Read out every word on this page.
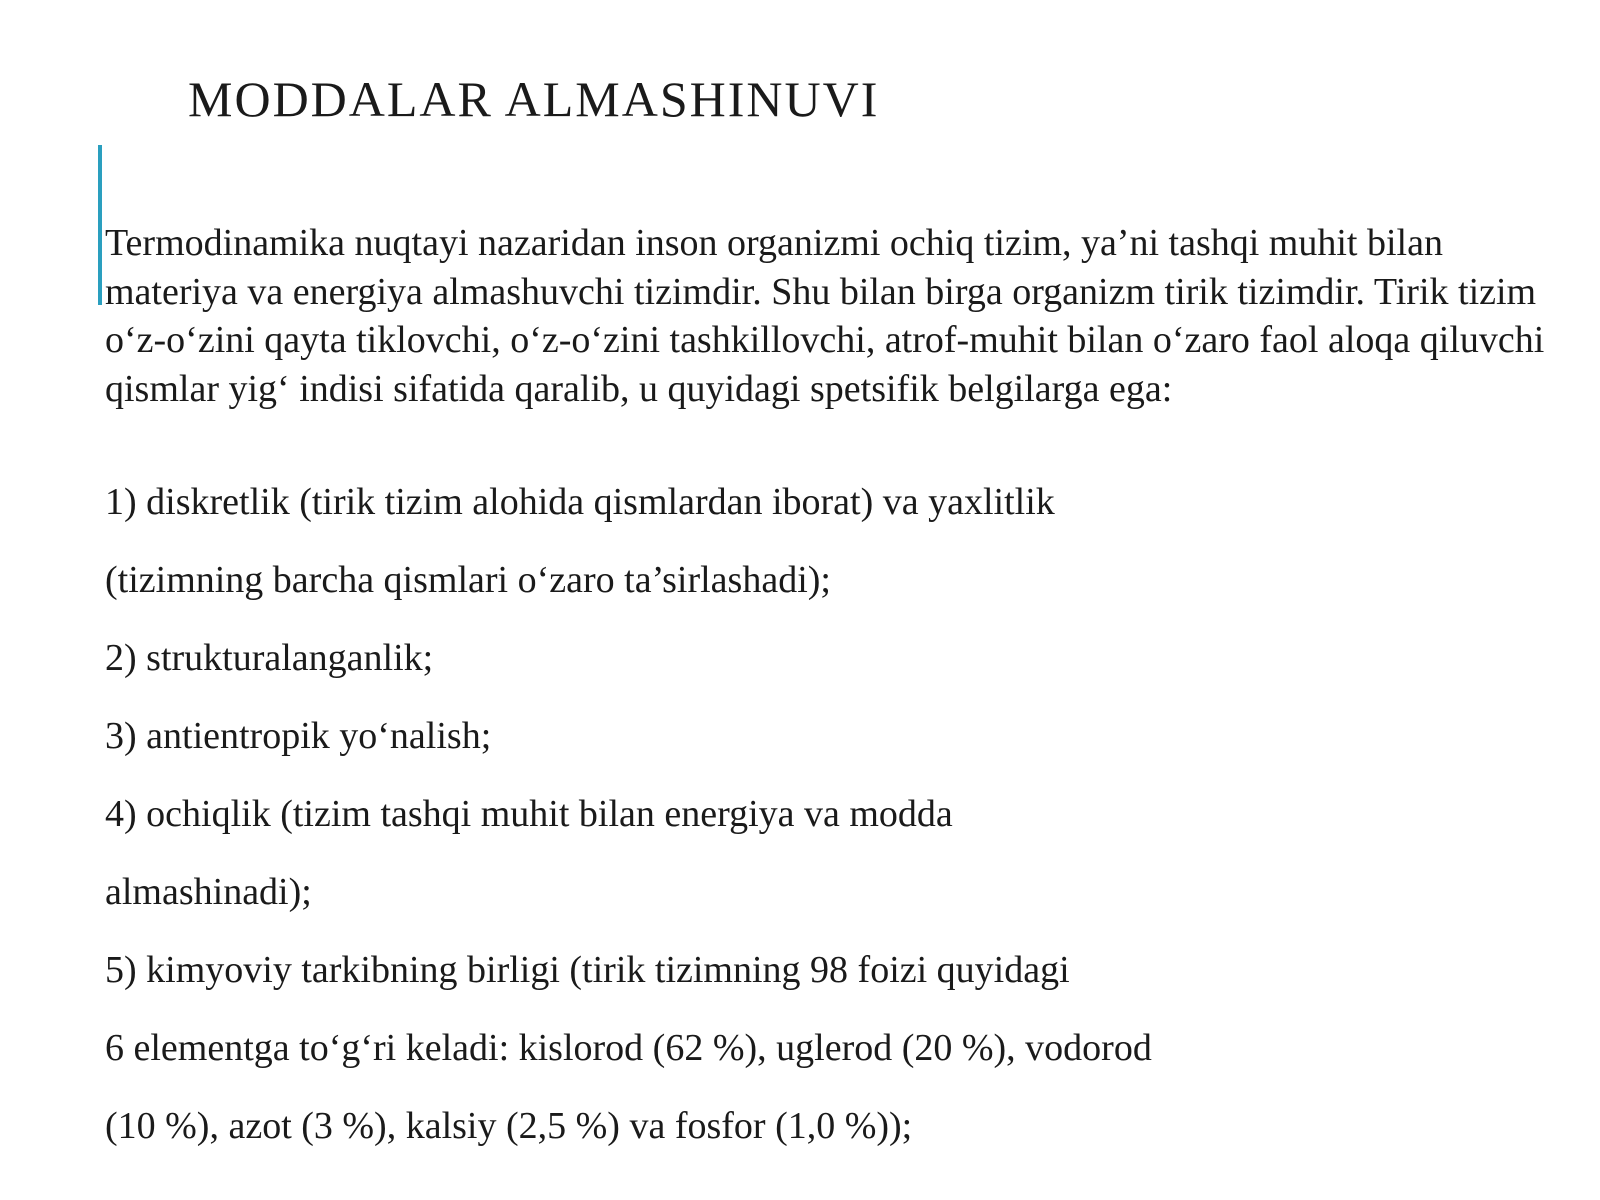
MODDALAR ALMASHINUVI

Termodinamika nuqtayi nazaridan inson organizmi ochiq tizim, ya’ni tashqi muhit bilan materiya va energiya almashuvchi tizimdir. Shu bilan birga organizm tirik tizimdir. Tirik tizim o‘z-o‘zini qayta tiklovchi, o‘z-o‘zini tashkillovchi, atrof-muhit bilan o‘zaro faol aloqa qiluvchi qismlar yig‘ indisi sifatida qaralib, u quyidagi spetsifik belgilarga ega:

1) diskretlik (tirik tizim alohida qismlardan iborat) va yaxlitlik

(tizimning barcha qismlari o‘zaro ta’sirlashadi);

2) strukturalanganlik;

3) antientropik yo‘nalish;

4) ochiqlik (tizim tashqi muhit bilan energiya va modda

almashinadi);

5) kimyoviy tarkibning birligi (tirik tizimning 98 foizi quyidagi

6 elementga to‘g‘ri keladi: kislorod (62 %), uglerod (20 %), vodorod

(10 %), azot (3 %), kalsiy (2,5 %) va fosfor (1,0 %));
